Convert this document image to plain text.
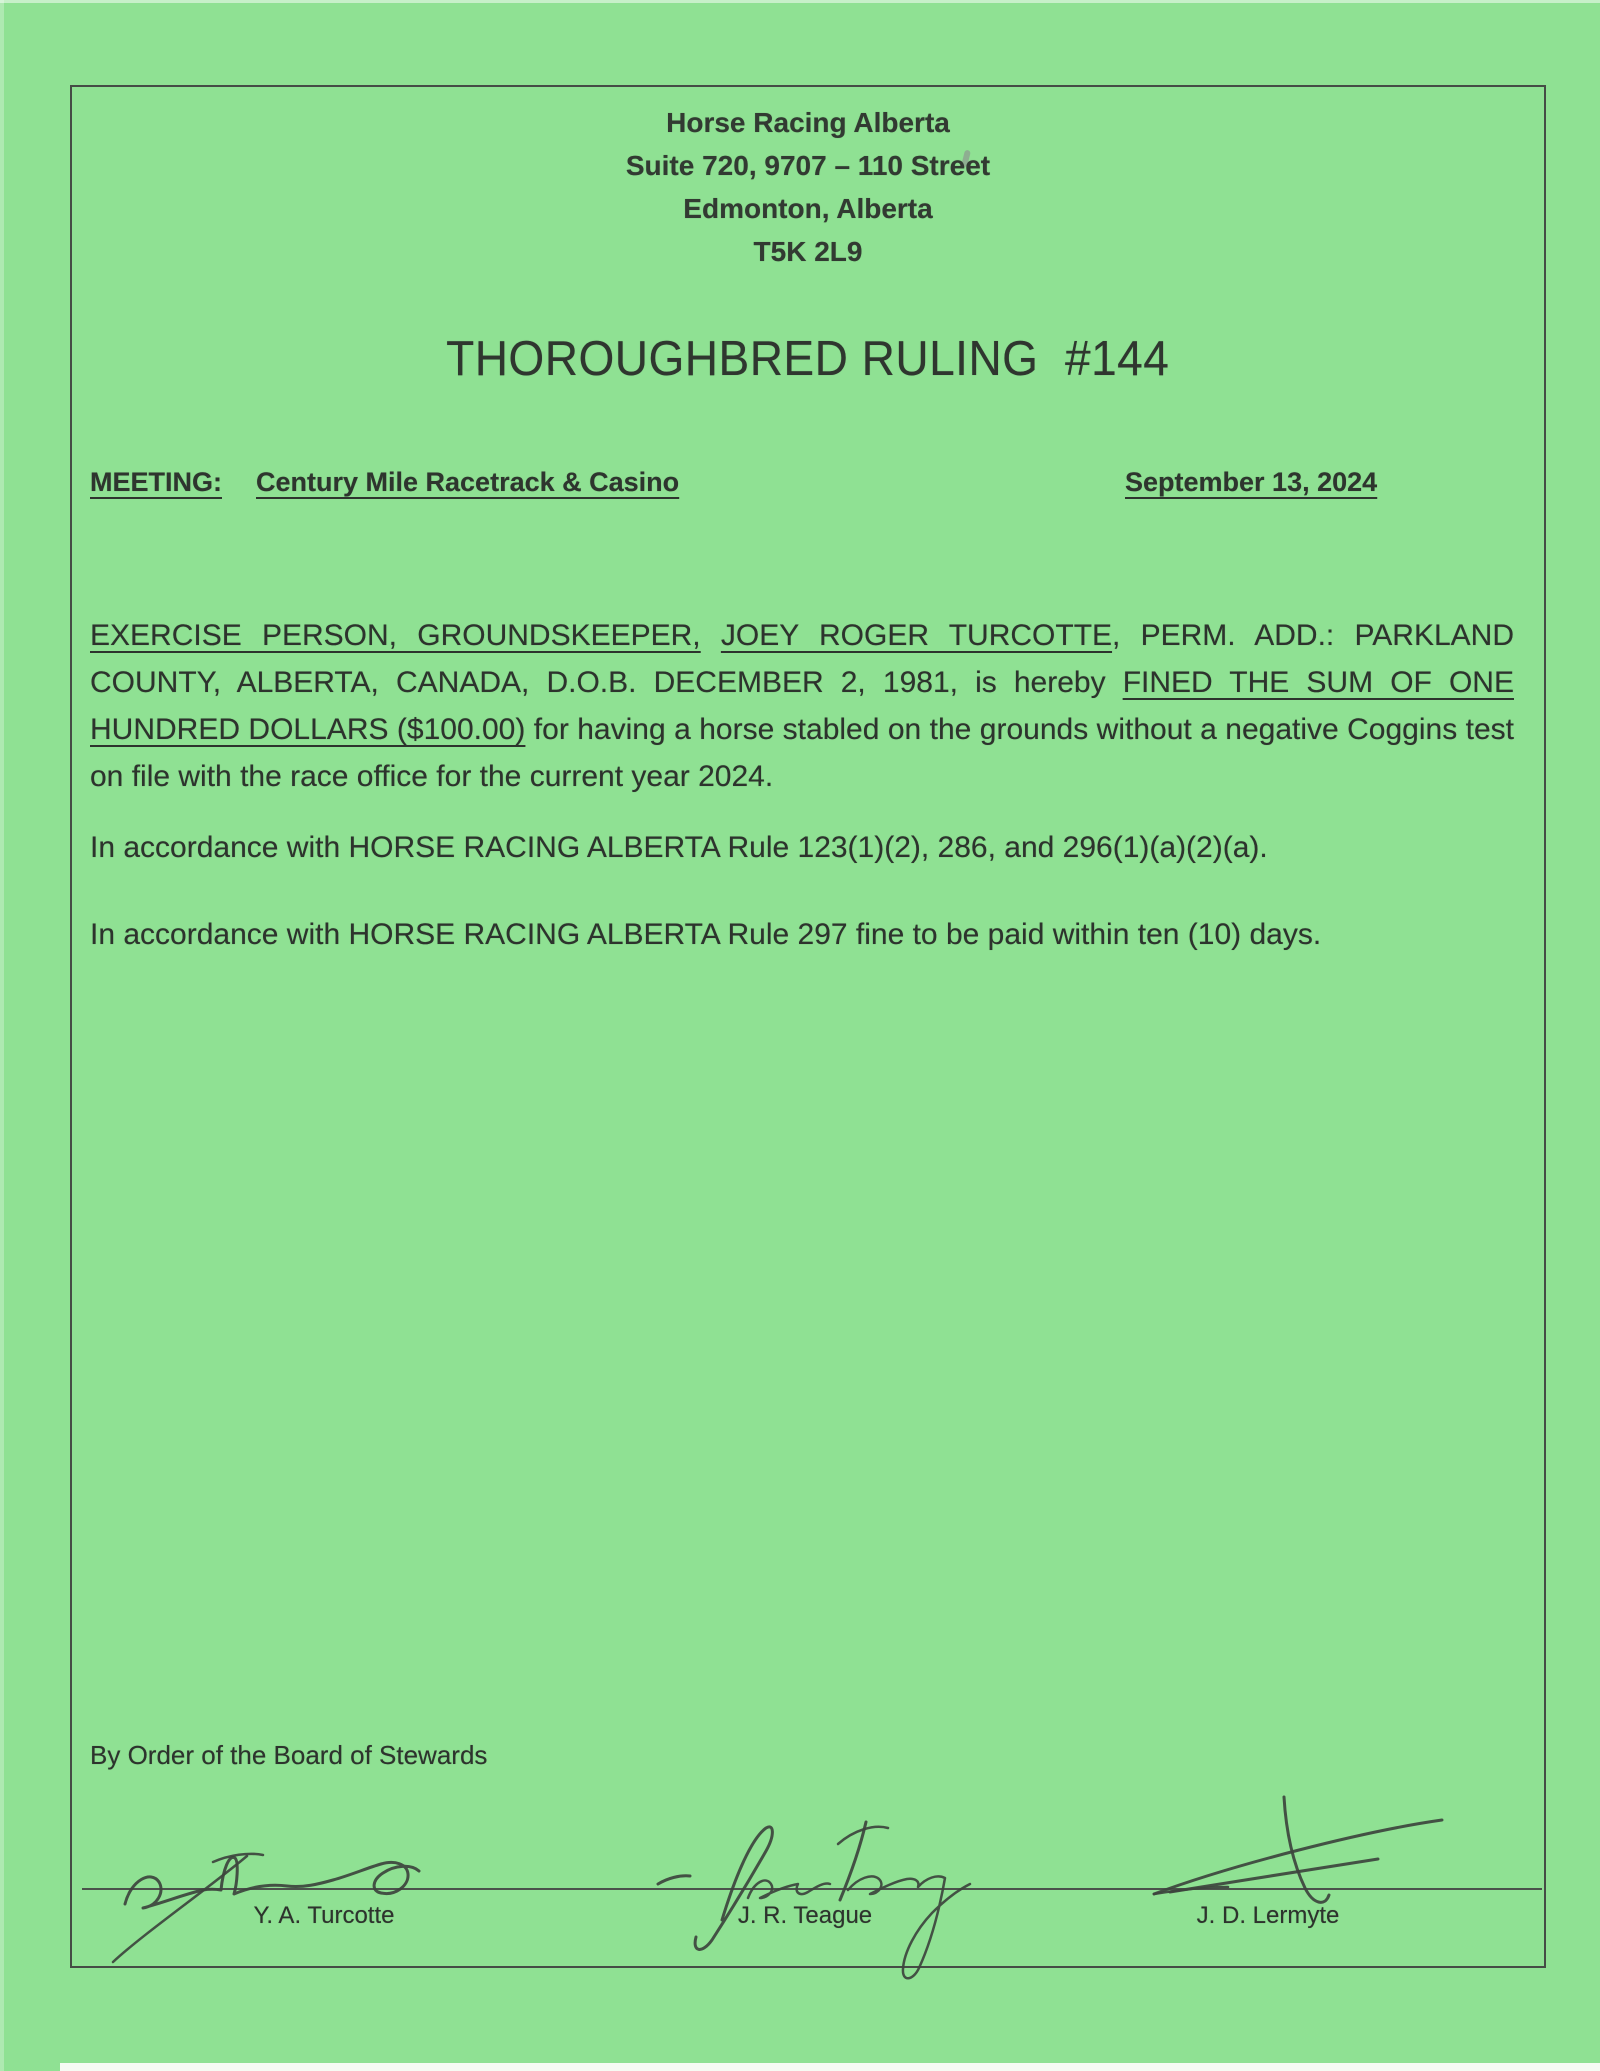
Horse Racing Alberta
Suite 720, 9707 – 110 Street
Edmonton, Alberta
T5K 2L9
THOROUGHBRED RULING  #144
MEETING: Century Mile Racetrack & Casino	September 13, 2024

EXERCISE PERSON, GROUNDSKEEPER, JOEY ROGER TURCOTTE, PERM. ADD.: PARKLAND COUNTY, ALBERTA, CANADA, D.O.B. DECEMBER 2, 1981, is hereby FINED THE SUM OF ONE HUNDRED DOLLARS ($100.00) for having a horse stabled on the grounds without a negative Coggins test on file with the race office for the current year 2024.

In accordance with HORSE RACING ALBERTA Rule 123(1)(2), 286, and 296(1)(a)(2)(a).

In accordance with HORSE RACING ALBERTA Rule 297 fine to be paid within ten (10) days.

By Order of the Board of Stewards
Y. A. Turcotte	J. R. Teague	J. D. Lermyte
